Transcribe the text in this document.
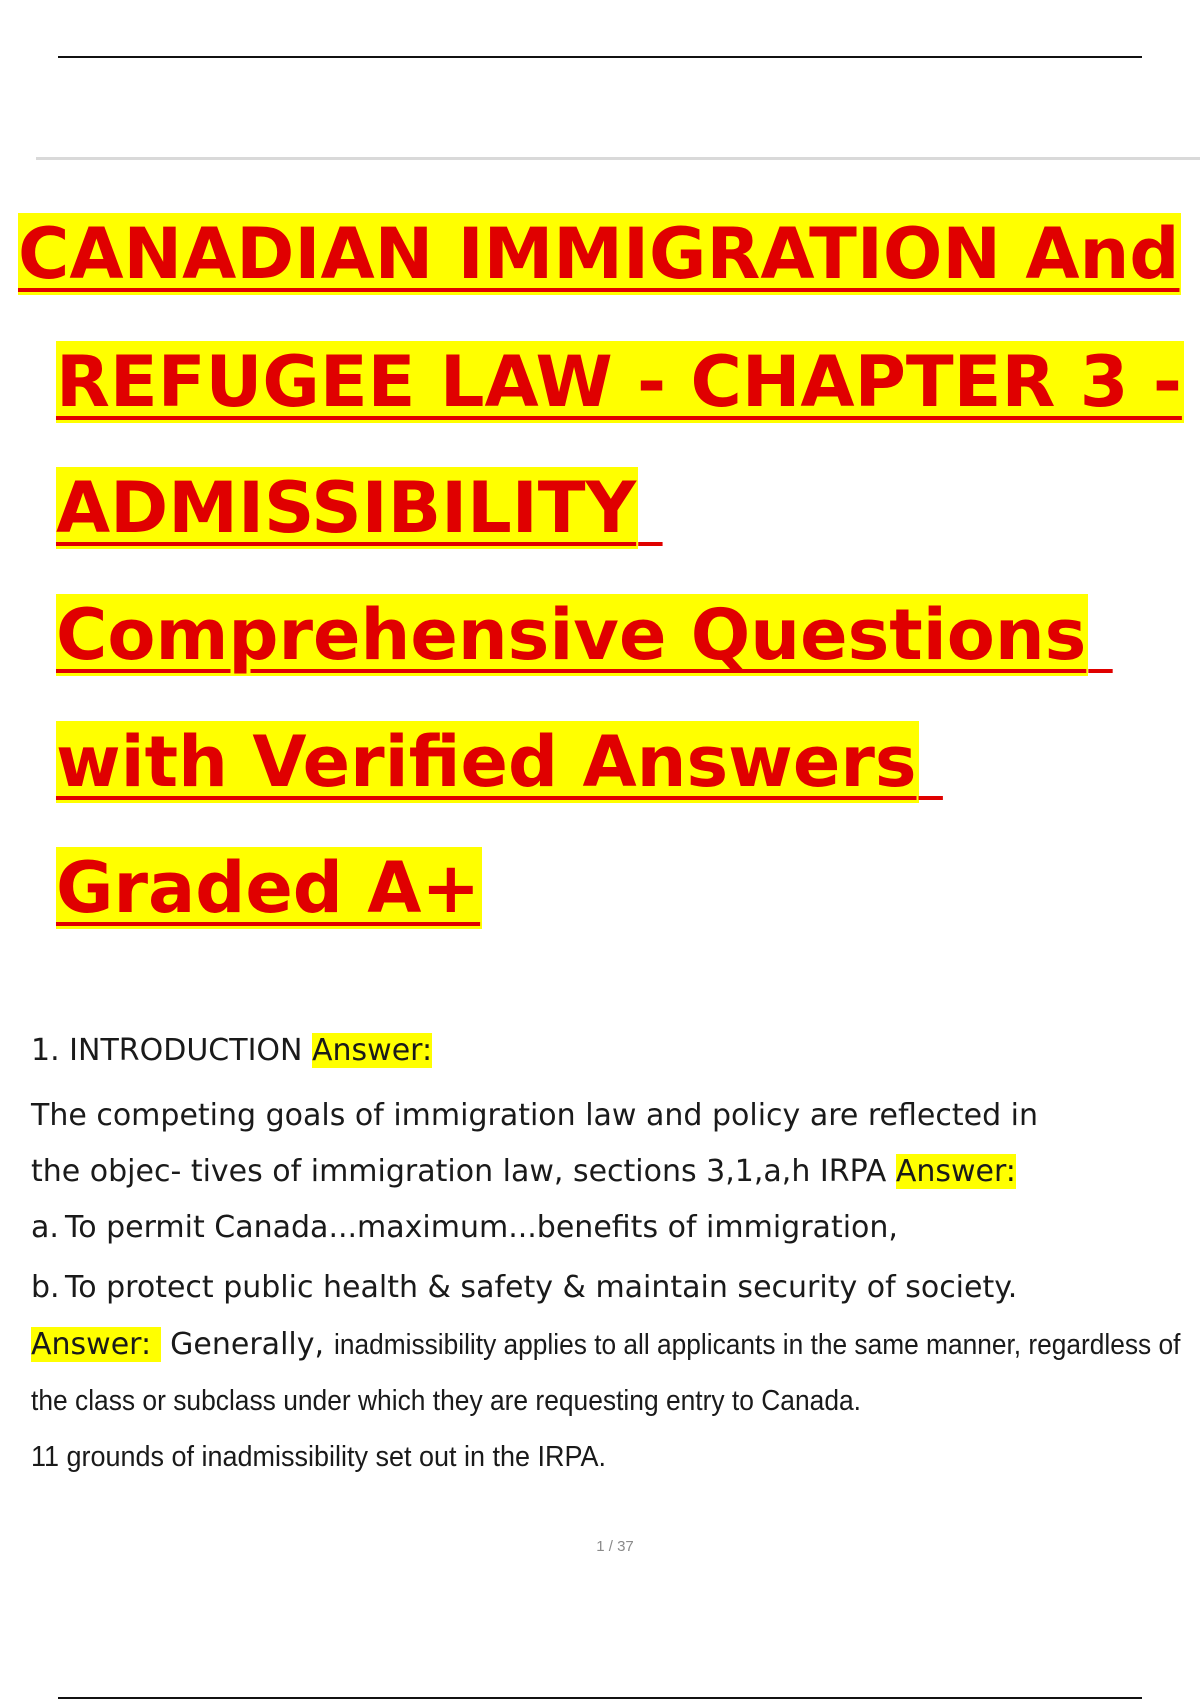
CANADIAN IMMIGRATION And
REFUGEE LAW - CHAPTER 3 -
ADMISSIBILITY
Comprehensive Questions
with Verified Answers
Graded A+
1. INTRODUCTION Answer:
The competing goals of immigration law and policy are reflected in
the objec- tives of immigration law, sections 3,1,a,h IRPA Answer:
a. To permit Canada...maximum...benefits of immigration,
b. To protect public health & safety & maintain security of society.
Answer: Generally, inadmissibility applies to all applicants in the same manner, regardless of
the class or subclass under which they are requesting entry to Canada.
11 grounds of inadmissibility set out in the IRPA.
1 / 37
